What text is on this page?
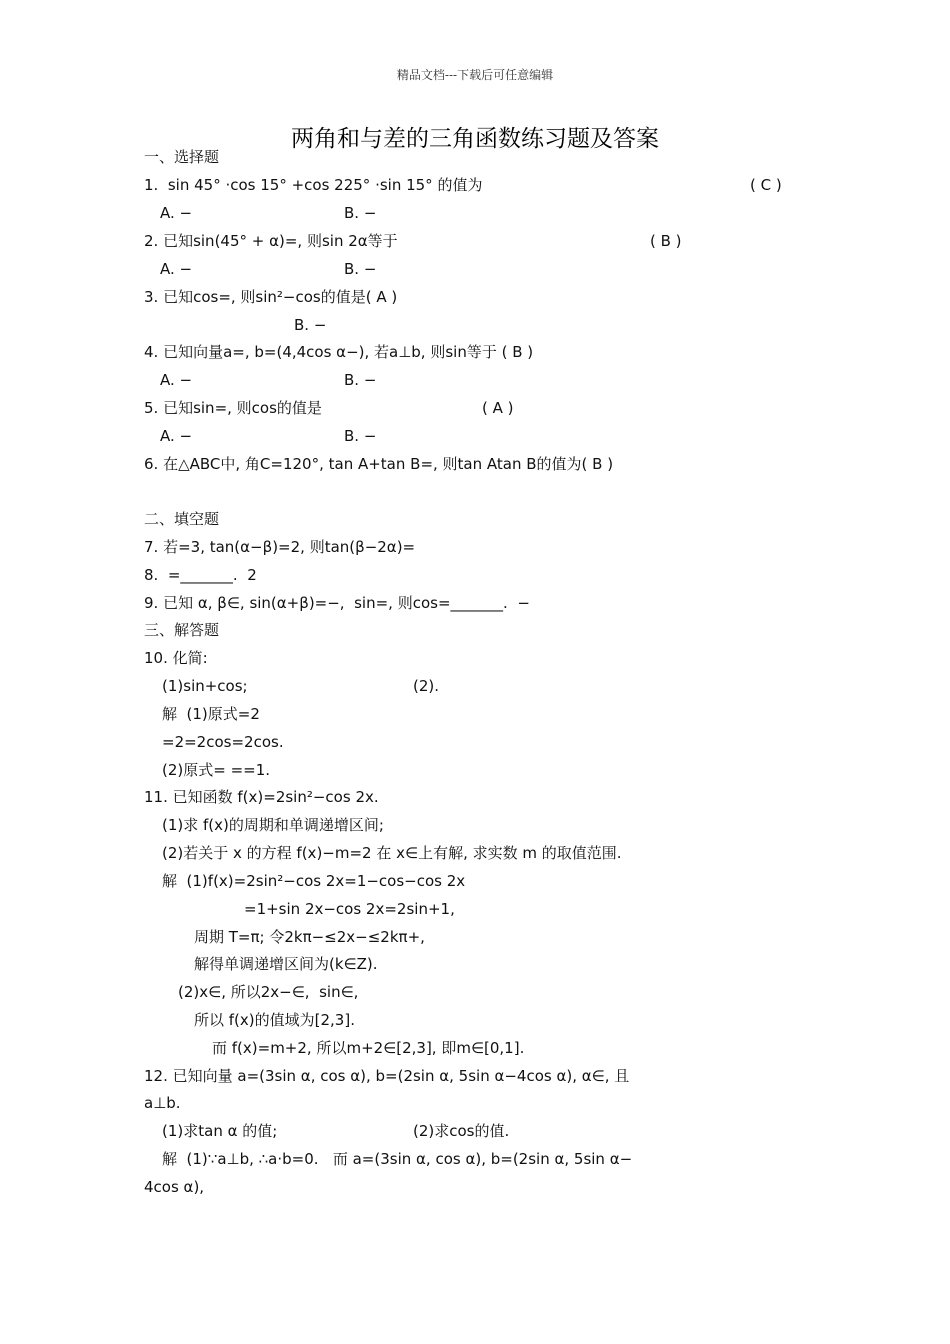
精品文档---下载后可任意编辑
两角和与差的三角函数练习题及答案
一、选择题
1.  sin 45° ·cos 15° +cos 225° ·sin 15° 的值为
A. −	B. −
2. 已知sin(45° + α)=, 则sin 2α等于
A. −	B. −
3. 已知cos=, 则sin²−cos的值是( A )
B. −
4. 已知向量a=, b=(4,4cos α−), 若a⊥b, 则sin等于 ( B )
A. −	B. −
5. 已知sin=, 则cos的值是
A. −	B. −
6. 在△ABC中, 角C=120°, tan A+tan B=, 则tan Atan B的值为( B )
二、填空题
7. 若=3, tan(α−β)=2, 则tan(β−2α)=
8.  =_______.  2
9. 已知 α, β∈, sin(α+β)=−,  sin=, 则cos=_______.  −
三、解答题
10. 化简:
(1)sin+cos;	(2).
解  (1)原式=2
=2=2cos=2cos.
(2)原式= ==1.
11. 已知函数 f(x)=2sin²−cos 2x.
(1)求 f(x)的周期和单调递增区间;
(2)若关于 x 的方程 f(x)−m=2 在 x∈上有解, 求实数 m 的取值范围.
解  (1)f(x)=2sin²−cos 2x=1−cos−cos 2x
=1+sin 2x−cos 2x=2sin+1,
周期 T=π; 令2kπ−≤2x−≤2kπ+,
解得单调递增区间为(k∈Z).
(2)x∈, 所以2x−∈,  sin∈,
所以 f(x)的值域为[2,3].
而 f(x)=m+2, 所以m+2∈[2,3], 即m∈[0,1].
12. 已知向量 a=(3sin α, cos α), b=(2sin α, 5sin α−4cos α), α∈, 且
a⊥b.
(1)求tan α 的值;	(2)求cos的值.
解  (1)∵a⊥b, ∴a·b=0.   而 a=(3sin α, cos α), b=(2sin α, 5sin α−
4cos α),
( C )
( B )
( A )
